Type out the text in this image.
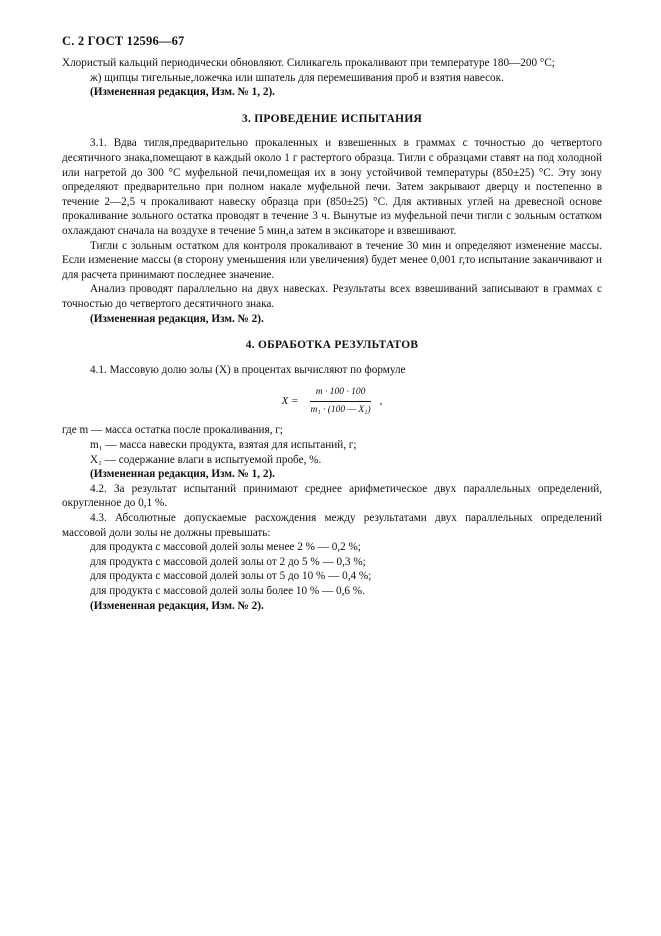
С. 2 ГОСТ 12596—67

Хлористый кальций периодически обновляют. Силикагель прокаливают при температуре 180—200 °С;

ж) щипцы тигельные,ложечка или шпатель для перемешивания проб и взятия навесок.

(Измененная редакция, Изм. № 1, 2).

3. ПРОВЕДЕНИЕ ИСПЫТАНИЯ

3.1. Вдва тигля,предварительно прокаленных и взвешенных в граммах с точностью до четвертого десятичного знака,помещают в каждый около 1 г растертого образца. Тигли с образцами ставят на под холодной или нагретой до 300 °С муфельной печи,помещая их в зону устойчивой температуры (850±25) °С. Эту зону определяют предварительно при полном накале муфельной печи. Затем закрывают дверцу и постепенно в течение 2—2,5 ч прокаливают навеску образца при (850±25) °С. Для активных углей на древесной основе прокаливание зольного остатка проводят в течение 3 ч. Вынутые из муфельной печи тигли с зольным остатком охлаждают сначала на воздухе в течение 5 мин,а затем в эксикаторе и взвешивают.

Тигли с зольным остатком для контроля прокаливают в течение 30 мин и определяют изменение массы. Если изменение массы (в сторону уменьшения или увеличения) будет менее 0,001 г,то испытание заканчивают и для расчета принимают последнее значение.

Анализ проводят параллельно на двух навесках. Результаты всех взвешиваний записывают в граммах с точностью до четвертого десятичного знака.

(Измененная редакция, Изм. № 2).

4. ОБРАБОТКА РЕЗУЛЬТАТОВ

4.1. Массовую долю золы (X) в процентах вычисляют по формуле

$X = \frac{m \cdot 100 \cdot 100}{\text{m₁ · (100 — X₁)}}$ ,
где m — масса остатка после прокаливания, г;
m₁ — масса навески продукта, взятая для испытаний, г;
X₁ — содержание влаги в испытуемой пробе, %.

(Измененная редакция, Изм. № 1, 2).

4.2. За результат испытаний принимают среднее арифметическое двух параллельных определений, округленное до 0,1 %.

4.3. Абсолютные допускаемые расхождения между результатами двух параллельных определений массовой доли золы не должны превышать:

для продукта с массовой долей золы менее 2 % — 0,2 %;
для продукта с массовой долей золы от 2 до 5 % — 0,3 %;
для продукта с массовой долей золы от 5 до 10 % — 0,4 %;
для продукта с массовой долей золы более 10 % — 0,6 %.

(Измененная редакция, Изм. № 2).
